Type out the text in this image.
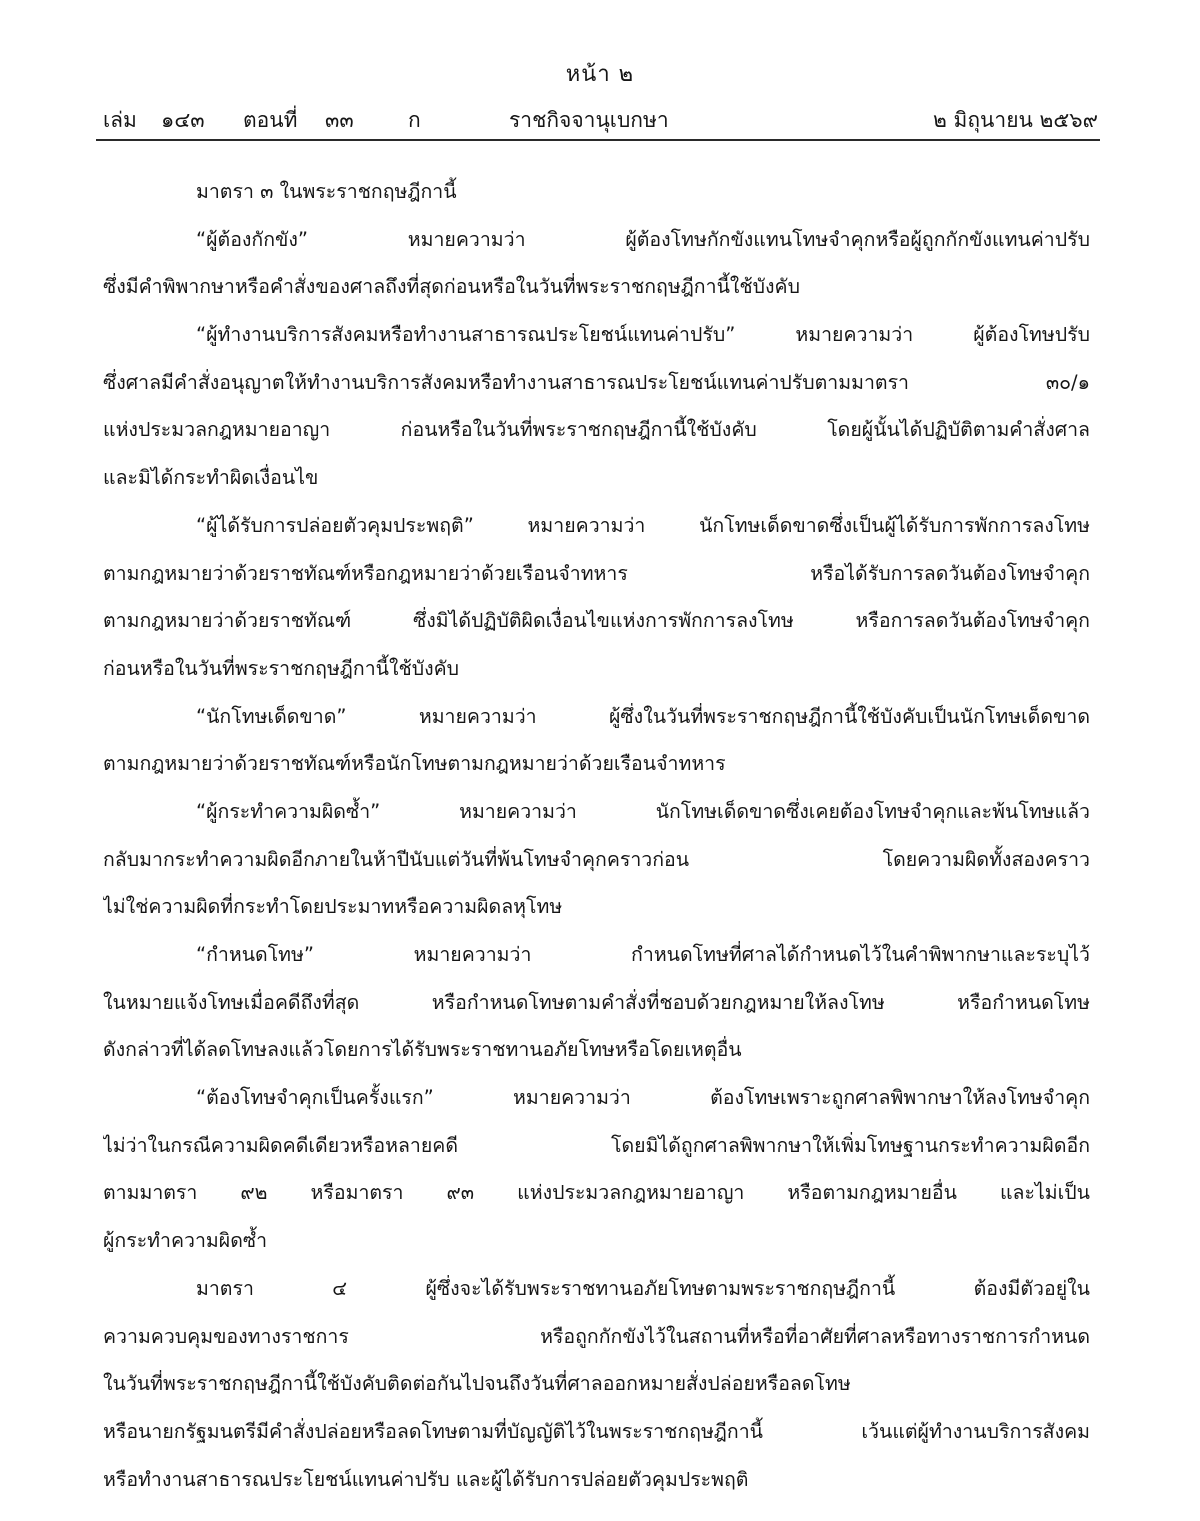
หน้า ๒
เล่ม ๑๔๓ ตอนที่ ๓๓	ก	ราชกิจจานุเบกษา	๒ มิถุนายน ๒๕๖๙
มาตรา ๓ ในพระราชกฤษฎีกานี้
“ผู้ต้องกักขัง” หมายความว่า ผู้ต้องโทษกักขังแทนโทษจำคุกหรือผู้ถูกกักขังแทนค่าปรับ
ซึ่งมีคำพิพากษาหรือคำสั่งของศาลถึงที่สุดก่อนหรือในวันที่พระราชกฤษฎีกานี้ใช้บังคับ
“ผู้ทำงานบริการสังคมหรือทำงานสาธารณประโยชน์แทนค่าปรับ” หมายความว่า ผู้ต้องโทษปรับ
ซึ่งศาลมีคำสั่งอนุญาตให้ทำงานบริการสังคมหรือทำงานสาธารณประโยชน์แทนค่าปรับตามมาตรา ๓๐/๑
แห่งประมวลกฎหมายอาญา ก่อนหรือในวันที่พระราชกฤษฎีกานี้ใช้บังคับ โดยผู้นั้นได้ปฏิบัติตามคำสั่งศาล
และมิได้กระทำผิดเงื่อนไข
“ผู้ได้รับการปล่อยตัวคุมประพฤติ” หมายความว่า นักโทษเด็ดขาดซึ่งเป็นผู้ได้รับการพักการลงโทษ
ตามกฎหมายว่าด้วยราชทัณฑ์หรือกฎหมายว่าด้วยเรือนจำทหาร หรือได้รับการลดวันต้องโทษจำคุก
ตามกฎหมายว่าด้วยราชทัณฑ์ ซึ่งมิได้ปฏิบัติผิดเงื่อนไขแห่งการพักการลงโทษ หรือการลดวันต้องโทษจำคุก
ก่อนหรือในวันที่พระราชกฤษฎีกานี้ใช้บังคับ
“นักโทษเด็ดขาด” หมายความว่า ผู้ซึ่งในวันที่พระราชกฤษฎีกานี้ใช้บังคับเป็นนักโทษเด็ดขาด
ตามกฎหมายว่าด้วยราชทัณฑ์หรือนักโทษตามกฎหมายว่าด้วยเรือนจำทหาร
“ผู้กระทำความผิดซ้ำ” หมายความว่า นักโทษเด็ดขาดซึ่งเคยต้องโทษจำคุกและพ้นโทษแล้ว
กลับมากระทำความผิดอีกภายในห้าปีนับแต่วันที่พ้นโทษจำคุกคราวก่อน โดยความผิดทั้งสองคราว
ไม่ใช่ความผิดที่กระทำโดยประมาทหรือความผิดลหุโทษ
“กำหนดโทษ” หมายความว่า กำหนดโทษที่ศาลได้กำหนดไว้ในคำพิพากษาและระบุไว้
ในหมายแจ้งโทษเมื่อคดีถึงที่สุด หรือกำหนดโทษตามคำสั่งที่ชอบด้วยกฎหมายให้ลงโทษ หรือกำหนดโทษ
ดังกล่าวที่ได้ลดโทษลงแล้วโดยการได้รับพระราชทานอภัยโทษหรือโดยเหตุอื่น
“ต้องโทษจำคุกเป็นครั้งแรก” หมายความว่า ต้องโทษเพราะถูกศาลพิพากษาให้ลงโทษจำคุก
ไม่ว่าในกรณีความผิดคดีเดียวหรือหลายคดี โดยมิได้ถูกศาลพิพากษาให้เพิ่มโทษฐานกระทำความผิดอีก
ตามมาตรา ๙๒ หรือมาตรา ๙๓ แห่งประมวลกฎหมายอาญา หรือตามกฎหมายอื่น และไม่เป็น
ผู้กระทำความผิดซ้ำ
มาตรา ๔ ผู้ซึ่งจะได้รับพระราชทานอภัยโทษตามพระราชกฤษฎีกานี้ ต้องมีตัวอยู่ใน
ความควบคุมของทางราชการ หรือถูกกักขังไว้ในสถานที่หรือที่อาศัยที่ศาลหรือทางราชการกำหนด
ในวันที่พระราชกฤษฎีกานี้ใช้บังคับติดต่อกันไปจนถึงวันที่ศาลออกหมายสั่งปล่อยหรือลดโทษ
หรือนายกรัฐมนตรีมีคำสั่งปล่อยหรือลดโทษตามที่บัญญัติไว้ในพระราชกฤษฎีกานี้ เว้นแต่ผู้ทำงานบริการสังคม
หรือทำงานสาธารณประโยชน์แทนค่าปรับ และผู้ได้รับการปล่อยตัวคุมประพฤติ
